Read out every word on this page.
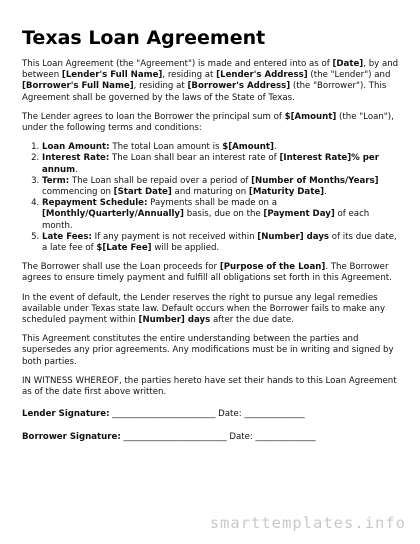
Texas Loan Agreement

This Loan Agreement (the "Agreement") is made and entered into as of [Date], by and between [Lender's Full Name], residing at [Lender's Address] (the "Lender") and [Borrower's Full Name], residing at [Borrower's Address] (the "Borrower"). This Agreement shall be governed by the laws of the State of Texas.

The Lender agrees to loan the Borrower the principal sum of $[Amount] (the "Loan"), under the following terms and conditions:

1. Loan Amount: The total Loan amount is $[Amount].
2. Interest Rate: The Loan shall bear an interest rate of [Interest Rate]% per annum.
3. Term: The Loan shall be repaid over a period of [Number of Months/Years] commencing on [Start Date] and maturing on [Maturity Date].
4. Repayment Schedule: Payments shall be made on a [Monthly/Quarterly/Annually] basis, due on the [Payment Day] of each month.
5. Late Fees: If any payment is not received within [Number] days of its due date, a late fee of $[Late Fee] will be applied.

The Borrower shall use the Loan proceeds for [Purpose of the Loan]. The Borrower agrees to ensure timely payment and fulfill all obligations set forth in this Agreement.

In the event of default, the Lender reserves the right to pursue any legal remedies available under Texas state law. Default occurs when the Borrower fails to make any scheduled payment within [Number] days after the due date.

This Agreement constitutes the entire understanding between the parties and supersedes any prior agreements. Any modifications must be in writing and signed by both parties.

IN WITNESS WHEREOF, the parties hereto have set their hands to this Loan Agreement as of the date first above written.

Lender Signature: ________________________ Date: ______________
Borrower Signature: ________________________ Date: ______________
smarttemplates.info
